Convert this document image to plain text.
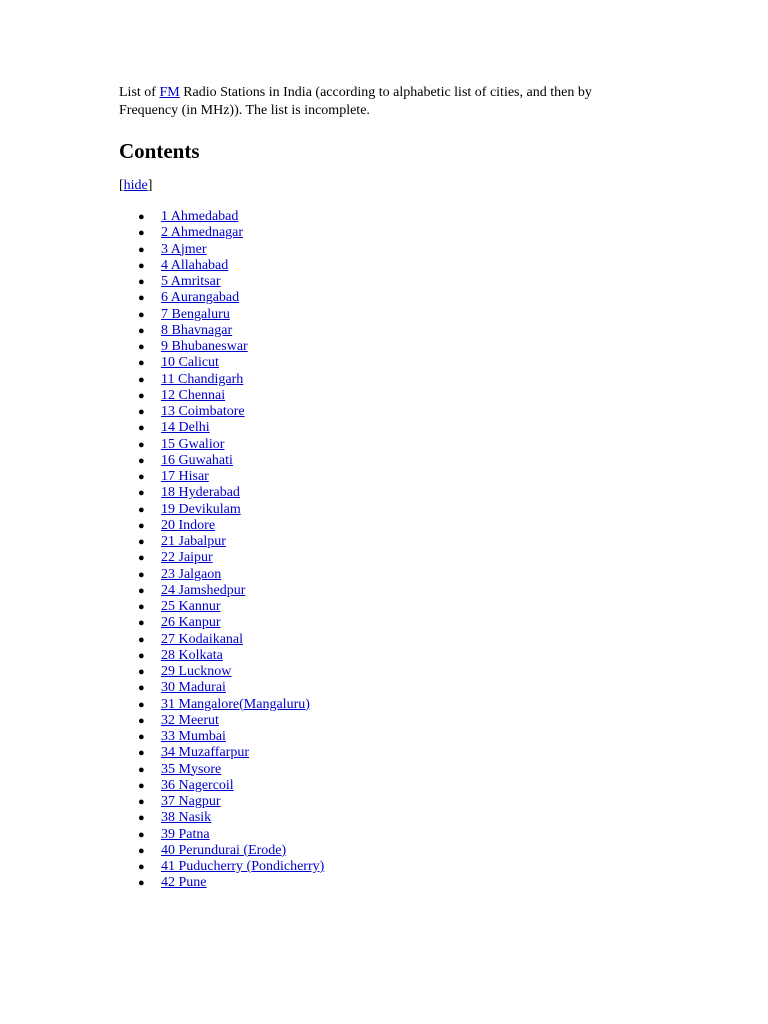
List of FM Radio Stations in India (according to alphabetic list of cities, and then by Frequency (in MHz)). The list is incomplete.

Contents
[hide]
● 1 Ahmedabad
● 2 Ahmednagar
● 3 Ajmer
● 4 Allahabad
● 5 Amritsar
● 6 Aurangabad
● 7 Bengaluru
● 8 Bhavnagar
● 9 Bhubaneswar
● 10 Calicut
● 11 Chandigarh
● 12 Chennai
● 13 Coimbatore
● 14 Delhi
● 15 Gwalior
● 16 Guwahati
● 17 Hisar
● 18 Hyderabad
● 19 Devikulam
● 20 Indore
● 21 Jabalpur
● 22 Jaipur
● 23 Jalgaon
● 24 Jamshedpur
● 25 Kannur
● 26 Kanpur
● 27 Kodaikanal
● 28 Kolkata
● 29 Lucknow
● 30 Madurai
● 31 Mangalore(Mangaluru)
● 32 Meerut
● 33 Mumbai
● 34 Muzaffarpur
● 35 Mysore
● 36 Nagercoil
● 37 Nagpur
● 38 Nasik
● 39 Patna
● 40 Perundurai (Erode)
● 41 Puducherry (Pondicherry)
● 42 Pune
